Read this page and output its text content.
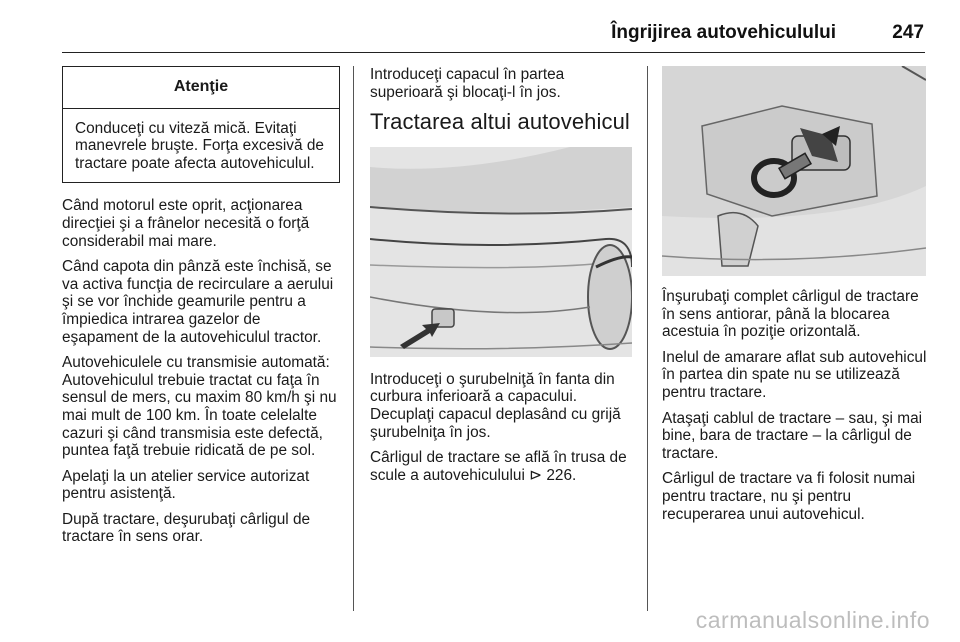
Îngrijirea autovehiculului	247
Atenţie
Conduceţi cu viteză mică. Evitaţi manevrele bruşte. Forţa excesivă de tractare poate afecta autovehiculul.

Când motorul este oprit, acţionarea direcţiei şi a frânelor necesită o forţă considerabil mai mare.

Când capota din pânză este închisă, se va activa funcţia de recirculare a aerului şi se vor închide geamurile pentru a împiedica intrarea gazelor de eşapament de la autovehiculul tractor.

Autovehiculele cu transmisie automată: Autovehiculul trebuie tractat cu faţa în sensul de mers, cu maxim 80 km/h şi nu mai mult de 100 km. În toate celelalte cazuri şi când transmisia este defectă, puntea faţă trebuie ridicată de pe sol.

Apelaţi la un atelier service autorizat pentru asistenţă.

După tractare, deşurubaţi cârligul de tractare în sens orar.

Introduceţi capacul în partea superioară şi blocaţi-l în jos.

Tractarea altui autovehicul

Introduceţi o şurubelniţă în fanta din curbura inferioară a capacului. Decuplaţi capacul deplasând cu grijă şurubelniţa în jos.

Cârligul de tractare se află în trusa de scule a autovehiculului ⊳ 226.

Înşurubaţi complet cârligul de tractare în sens antiorar, până la blocarea acestuia în poziţie orizontală.

Inelul de amarare aflat sub autovehicul în partea din spate nu se utilizează pentru tractare.

Ataşaţi cablul de tractare – sau, şi mai bine, bara de tractare – la cârligul de tractare.

Cârligul de tractare va fi folosit numai pentru tractare, nu şi pentru recuperarea unui autovehicul.

carmanualsonline.info
